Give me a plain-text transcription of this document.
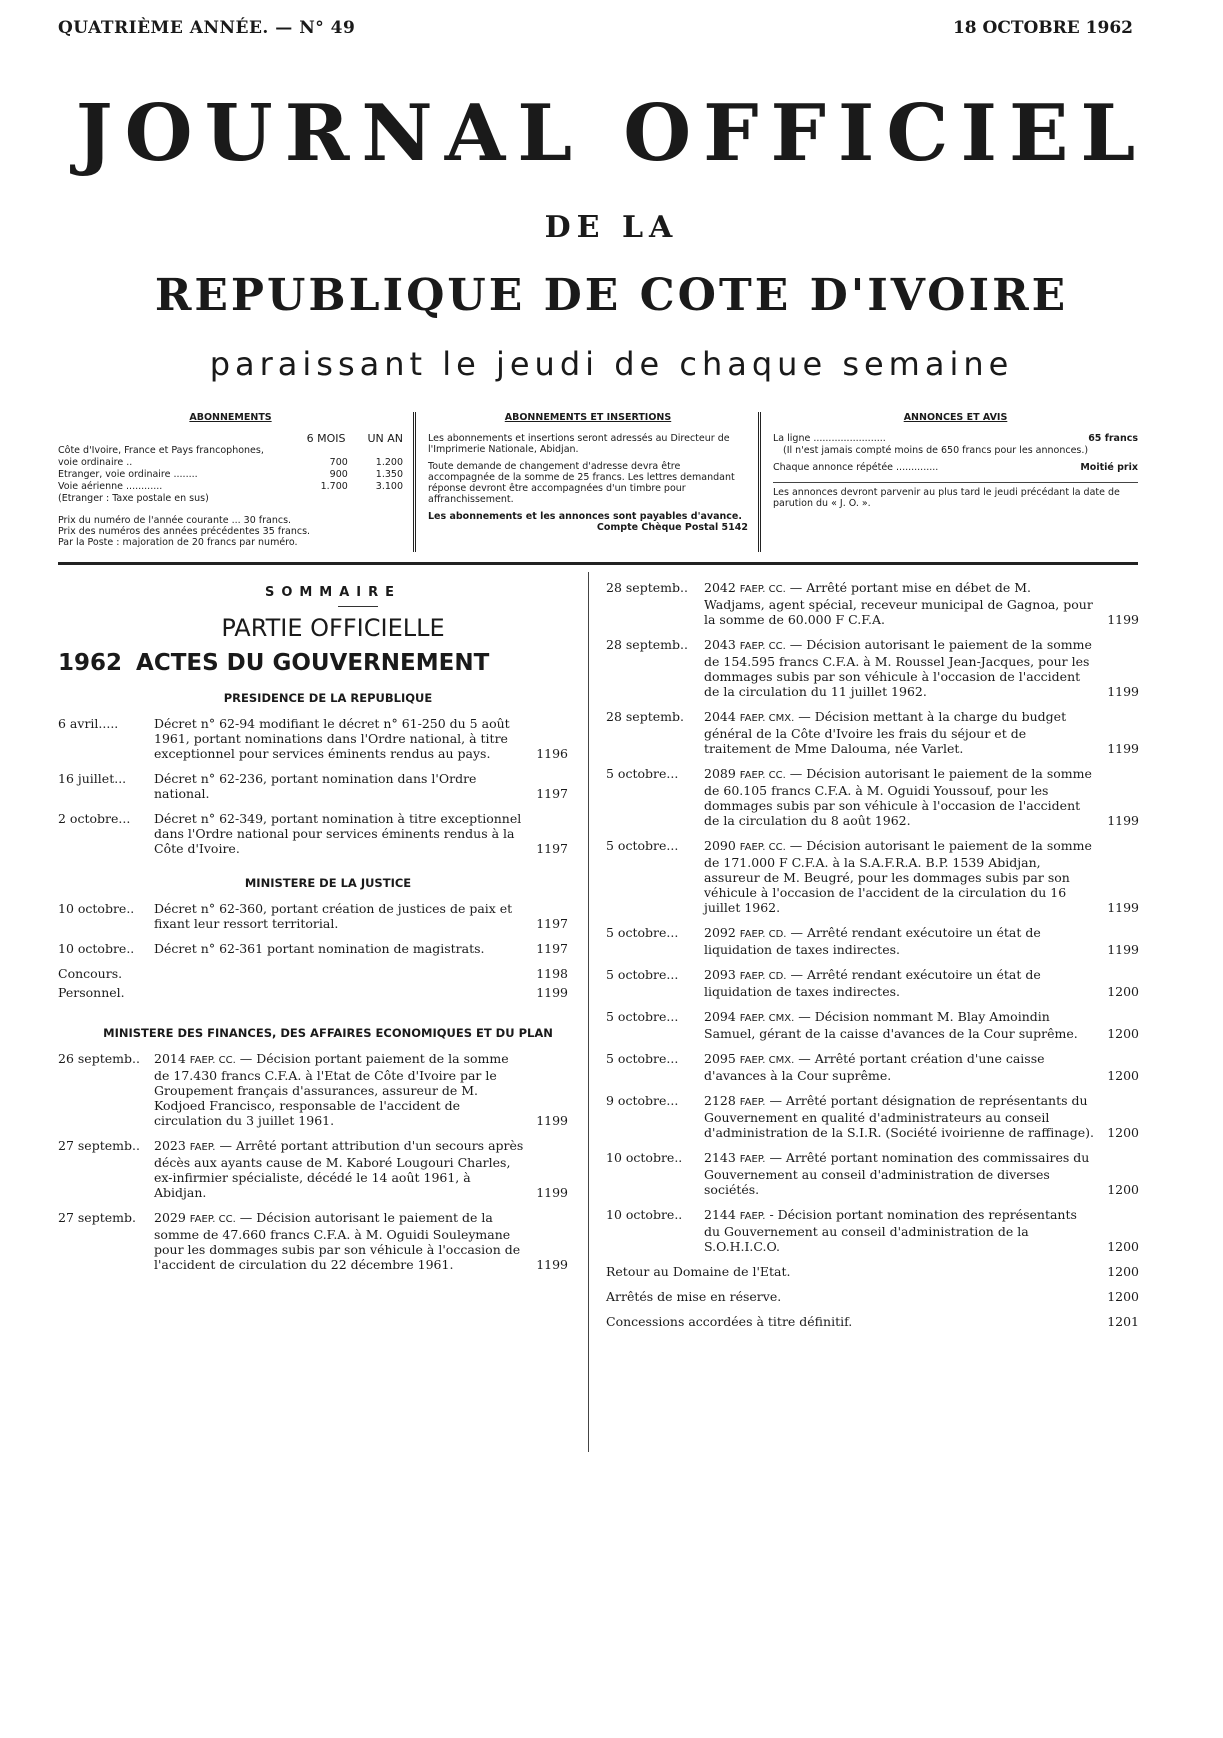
QUATRIÈME ANNÉE. — N° 49	18 OCTOBRE 1962
JOURNAL OFFICIEL
DE LA
REPUBLIQUE DE COTE D'IVOIRE
paraissant le jeudi de chaque semaine
ABONNEMENTS
6 MOIS UN AN
Côte d'Ivoire, France et Pays francophones, voie ordinaire ..	700	1.200
Etranger, voie ordinaire ........	900	1.350
Voie aérienne ............	1.700	3.100
(Etranger : Taxe postale en sus)
Prix du numéro de l'année courante ... 30 francs.
Prix des numéros des années précédentes 35 francs.
Par la Poste : majoration de 20 francs par numéro.
ABONNEMENTS ET INSERTIONS

Les abonnements et insertions seront adressés au Directeur de l'Imprimerie Nationale, Abidjan.

Toute demande de changement d'adresse devra être accompagnée de la somme de 25 francs. Les lettres demandant réponse devront être accompagnées d'un timbre pour affranchissement.

Les abonnements et les annonces sont payables d'avance.

Compte Chèque Postal 5142

ANNONCES ET AVIS
La ligne ........................	65 francs

(Il n'est jamais compté moins de 650 francs pour les annonces.)

Chaque annonce répétée ..............	Moitié prix

Les annonces devront parvenir au plus tard le jeudi précédant la date de parution du « J. O. ».

SOMMAIRE
PARTIE OFFICIELLE
1962 ACTES DU GOUVERNEMENT
PRESIDENCE DE LA REPUBLIQUE
6 avril.....	Décret n° 62-94 modifiant le décret n° 61-250 du 5 août 1961, portant nominations dans l'Ordre national, à titre exceptionnel pour services éminents rendus au pays.	1196
16 juillet... Décret n° 62-236, portant nomination dans l'Ordre national.	1197
2 octobre... Décret n° 62-349, portant nomination à titre exceptionnel dans l'Ordre national pour services éminents rendus à la Côte d'Ivoire.	1197
MINISTERE DE LA JUSTICE
10 octobre.. Décret n° 62-360, portant création de justices de paix et fixant leur ressort territorial.	1197
10 octobre.. Décret n° 62-361 portant nomination de magistrats.	1197
Concours.	1198
Personnel.	1199
MINISTERE DES FINANCES, DES AFFAIRES ECONOMIQUES ET DU PLAN
26 septemb.. 2014 FAEP. CC. — Décision portant paiement de la somme de 17.430 francs C.F.A. à l'Etat de Côte d'Ivoire par le Groupement français d'assurances, assureur de M. Kodjoed Francisco, responsable de l'accident de circulation du 3 juillet 1961.	1199
27 septemb.. 2023 FAEP. — Arrêté portant attribution d'un secours après décès aux ayants cause de M. Kaboré Lougouri Charles, ex-infirmier spécialiste, décédé le 14 août 1961, à Abidjan.	1199
27 septemb. 2029 FAEP. CC. — Décision autorisant le paiement de la somme de 47.660 francs C.F.A. à M. Oguidi Souleymane pour les dommages subis par son véhicule à l'occasion de l'accident de circulation du 22 décembre 1961.	1199
28 septemb.. 2042 FAEP. CC. — Arrêté portant mise en débet de M. Wadjams, agent spécial, receveur municipal de Gagnoa, pour la somme de 60.000 F C.F.A.	1199
28 septemb.. 2043 FAEP. CC. — Décision autorisant le paiement de la somme de 154.595 francs C.F.A. à M. Roussel Jean-Jacques, pour les dommages subis par son véhicule à l'occasion de l'accident de la circulation du 11 juillet 1962.	1199
28 septemb. 2044 FAEP. CMX. — Décision mettant à la charge du budget général de la Côte d'Ivoire les frais du séjour et de traitement de Mme Dalouma, née Varlet.	1199
5 octobre... 2089 FAEP. CC. — Décision autorisant le paiement de la somme de 60.105 francs C.F.A. à M. Oguidi Youssouf, pour les dommages subis par son véhicule à l'occasion de l'accident de la circulation du 8 août 1962.	1199
5 octobre... 2090 FAEP. CC. — Décision autorisant le paiement de la somme de 171.000 F C.F.A. à la S.A.F.R.A. B.P. 1539 Abidjan, assureur de M. Beugré, pour les dommages subis par son véhicule à l'occasion de l'accident de la circulation du 16 juillet 1962.	1199
5 octobre... 2092 FAEP. CD. — Arrêté rendant exécutoire un état de liquidation de taxes indirectes.	1199
5 octobre... 2093 FAEP. CD. — Arrêté rendant exécutoire un état de liquidation de taxes indirectes.	1200
5 octobre... 2094 FAEP. CMX. — Décision nommant M. Blay Amoindin Samuel, gérant de la caisse d'avances de la Cour suprême. 1200
5 octobre... 2095 FAEP. CMX. — Arrêté portant création d'une caisse d'avances à la Cour suprême.	1200
9 octobre... 2128 FAEP. — Arrêté portant désignation de représentants du Gouvernement en qualité d'administrateurs au conseil d'administration de la S.I.R. (Société ivoirienne de raffinage). 1200
10 octobre.. 2143 FAEP. — Arrêté portant nomination des commissaires du Gouvernement au conseil d'administration de diverses sociétés.	1200
10 octobre.. 2144 FAEP. - Décision portant nomination des représentants du Gouvernement au conseil d'administration de la S.O.H.I.C.O.	1200
Retour au Domaine de l'Etat.	1200
Arrêtés de mise en réserve.	1200
Concessions accordées à titre définitif.	1201
